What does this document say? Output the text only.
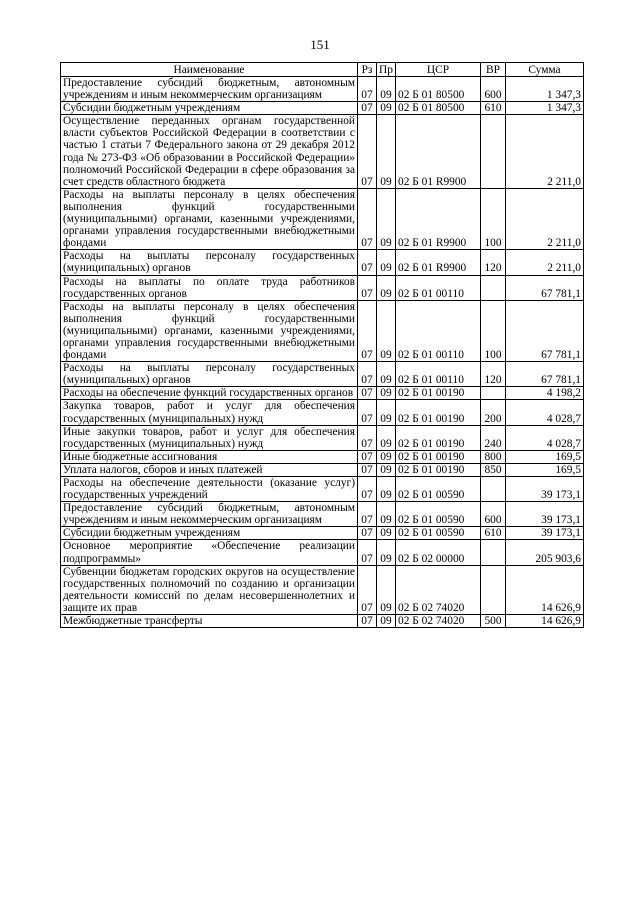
151
Наименование	Рз	Пр	ЦСР	ВР	Сумма
Предоставление субсидий бюджетным, автономным учреждениям и иным некоммерческим организациям	07	09	02 Б 01 80500	600	1 347,3
Субсидии бюджетным учреждениям	07	09	02 Б 01 80500	610	1 347,3
Осуществление переданных органам государственной власти субъектов Российской Федерации в соответствии с частью 1 статьи 7 Федерального закона от 29 декабря 2012 года № 273-ФЗ «Об образовании в Российской Федерации» полномочий Российской Федерации в сфере образования за счет средств областного бюджета	07	09	02 Б 01 R9900		2 211,0
Расходы на выплаты персоналу в целях обеспечения выполнения функций государственными (муниципальными) органами, казенными учреждениями, органами управления государственными внебюджетными фондами	07	09	02 Б 01 R9900	100	2 211,0
Расходы на выплаты персоналу государственных (муниципальных) органов	07	09	02 Б 01 R9900	120	2 211,0
Расходы на выплаты по оплате труда работников государственных органов	07	09	02 Б 01 00110		67 781,1
Расходы на выплаты персоналу в целях обеспечения выполнения функций государственными (муниципальными) органами, казенными учреждениями, органами управления государственными внебюджетными фондами	07	09	02 Б 01 00110	100	67 781,1
Расходы на выплаты персоналу государственных (муниципальных) органов	07	09	02 Б 01 00110	120	67 781,1
Расходы на обеспечение функций государственных органов	07	09	02 Б 01 00190		4 198,2
Закупка товаров, работ и услуг для обеспечения государственных (муниципальных) нужд	07	09	02 Б 01 00190	200	4 028,7
Иные закупки товаров, работ и услуг для обеспечения государственных (муниципальных) нужд	07	09	02 Б 01 00190	240	4 028,7
Иные бюджетные ассигнования	07	09	02 Б 01 00190	800	169,5
Уплата налогов, сборов и иных платежей	07	09	02 Б 01 00190	850	169,5
Расходы на обеспечение деятельности (оказание услуг) государственных учреждений	07	09	02 Б 01 00590		39 173,1
Предоставление субсидий бюджетным, автономным учреждениям и иным некоммерческим организациям	07	09	02 Б 01 00590	600	39 173,1
Субсидии бюджетным учреждениям	07	09	02 Б 01 00590	610	39 173,1
Основное мероприятие «Обеспечение реализации подпрограммы»	07	09	02 Б 02 00000		205 903,6
Субвенции бюджетам городских округов на осуществление государственных полномочий по созданию и организации деятельности комиссий по делам несовершеннолетних и защите их прав	07	09	02 Б 02 74020		14 626,9
Межбюджетные трансферты	07	09	02 Б 02 74020	500	14 626,9
